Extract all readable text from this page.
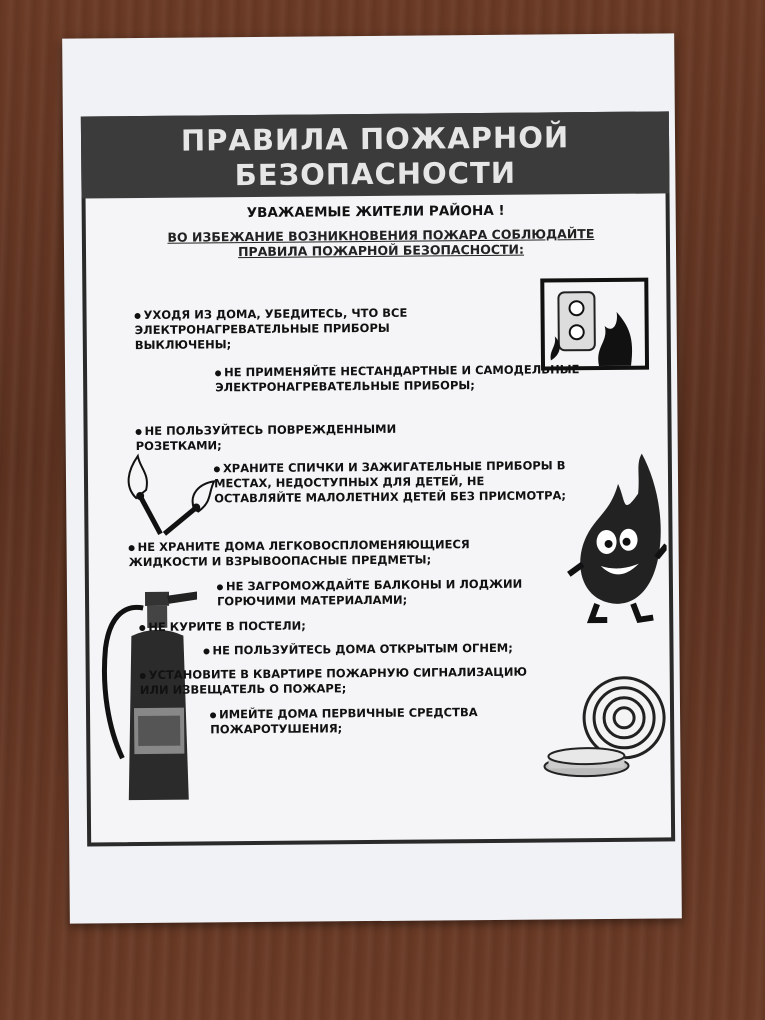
ПРАВИЛА ПОЖАРНОЙ
БЕЗОПАСНОСТИ
УВАЖАЕМЫЕ ЖИТЕЛИ РАЙОНА !
ВО ИЗБЕЖАНИЕ ВОЗНИКНОВЕНИЯ ПОЖАРА СОБЛЮДАЙТЕ ПРАВИЛА ПОЖАРНОЙ БЕЗОПАСНОСТИ:
УХОДЯ ИЗ ДОМА, УБЕДИТЕСЬ, ЧТО ВСЕ ЭЛЕКТРОНАГРЕВАТЕЛЬНЫЕ ПРИБОРЫ ВЫКЛЮЧЕНЫ;
НЕ ПРИМЕНЯЙТЕ НЕСТАНДАРТНЫЕ И САМОДЕЛЬНЫЕ ЭЛЕКТРОНАГРЕВАТЕЛЬНЫЕ ПРИБОРЫ;
НЕ ПОЛЬЗУЙТЕСЬ ПОВРЕЖДЕННЫМИ РОЗЕТКАМИ;
ХРАНИТЕ СПИЧКИ И ЗАЖИГАТЕЛЬНЫЕ ПРИБОРЫ В МЕСТАХ, НЕДОСТУПНЫХ ДЛЯ ДЕТЕЙ, НЕ ОСТАВЛЯЙТЕ МАЛОЛЕТНИХ ДЕТЕЙ БЕЗ ПРИСМОТРА;
НЕ ХРАНИТЕ ДОМА ЛЕГКОВОСПЛОМЕНЯЮЩИЕСЯ ЖИДКОСТИ И ВЗРЫВООПАСНЫЕ ПРЕДМЕТЫ;
НЕ ЗАГРОМОЖДАЙТЕ БАЛКОНЫ И ЛОДЖИИ ГОРЮЧИМИ МАТЕРИАЛАМИ;
НЕ КУРИТЕ В ПОСТЕЛИ;
НЕ ПОЛЬЗУЙТЕСЬ ДОМА ОТКРЫТЫМ ОГНЕМ;
УСТАНОВИТЕ В КВАРТИРЕ ПОЖАРНУЮ СИГНАЛИЗАЦИЮ ИЛИ ИЗВЕЩАТЕЛЬ О ПОЖАРЕ;
ИМЕЙТЕ ДОМА ПЕРВИЧНЫЕ СРЕДСТВА ПОЖАРОТУШЕНИЯ;
